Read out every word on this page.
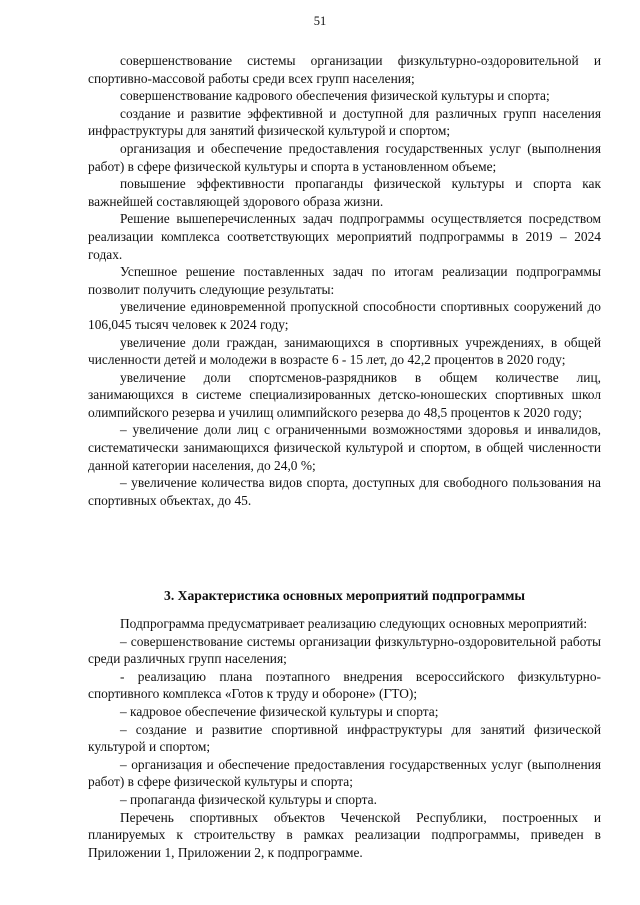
51

совершенствование системы организации физкультурно-оздоровительной и спортивно-массовой работы среди всех групп населения;

совершенствование кадрового обеспечения физической культуры и спорта;

создание и развитие эффективной и доступной для различных групп населения инфраструктуры для занятий физической культурой и спортом;

организация и обеспечение предоставления государственных услуг (выполнения работ) в сфере физической культуры и спорта в установленном объеме;

повышение эффективности пропаганды физической культуры и спорта как важнейшей составляющей здорового образа жизни.

Решение вышеперечисленных задач подпрограммы осуществляется посредством реализации комплекса соответствующих мероприятий подпрограммы в 2019 – 2024 годах.

Успешное решение поставленных задач по итогам реализации подпрограммы позволит получить следующие результаты:

увеличение единовременной пропускной способности спортивных сооружений до 106,045 тысяч человек к 2024 году;

увеличение доли граждан, занимающихся в спортивных учреждениях, в общей численности детей и молодежи в возрасте 6 - 15 лет, до 42,2 процентов в 2020 году;

увеличение доли спортсменов-разрядников в общем количестве лиц, занимающихся в системе специализированных детско-юношеских спортивных школ олимпийского резерва и училищ олимпийского резерва до 48,5 процентов к 2020 году;

– увеличение доли лиц с ограниченными возможностями здоровья и инвалидов, систематически занимающихся физической культурой и спортом, в общей численности данной категории населения, до 24,0 %;

– увеличение количества видов спорта, доступных для свободного пользования на спортивных объектах, до 45.

3. Характеристика основных мероприятий подпрограммы

Подпрограмма предусматривает реализацию следующих основных мероприятий:

– совершенствование системы организации физкультурно-оздоровительной работы среди различных групп населения;

- реализацию плана поэтапного внедрения всероссийского физкультурно-спортивного комплекса «Готов к труду и обороне» (ГТО);

– кадровое обеспечение физической культуры и спорта;

– создание и развитие спортивной инфраструктуры для занятий физической культурой и спортом;

– организация и обеспечение предоставления государственных услуг (выполнения работ) в сфере физической культуры и спорта;

– пропаганда физической культуры и спорта.

Перечень спортивных объектов Чеченской Республики, построенных и планируемых к строительству в рамках реализации подпрограммы, приведен в Приложении 1, Приложении 2, к подпрограмме.
